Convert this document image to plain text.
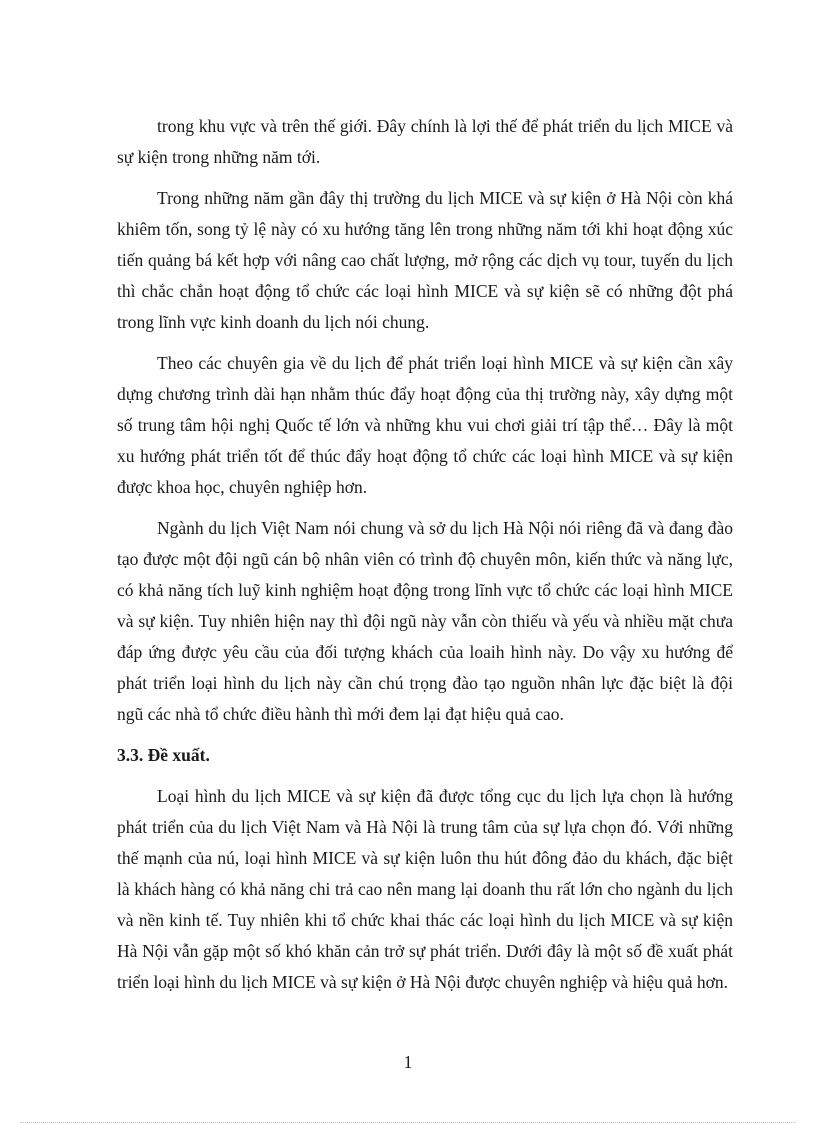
trong khu vực và trên thế giới. Đây chính là lợi thế để phát triển du lịch MICE và sự kiện trong những năm tới.

Trong những năm gần đây thị trường du lịch MICE và sự kiện ở Hà Nội còn khá khiêm tốn, song tỷ lệ này có xu hướng tăng lên trong những năm tới khi hoạt động xúc tiến quảng bá kết hợp với nâng cao chất lượng, mở rộng các dịch vụ tour, tuyến du lịch thì chắc chắn hoạt động tổ chức các loại hình MICE và sự kiện sẽ có những đột phá trong lĩnh vực kinh doanh du lịch nói chung.

Theo các chuyên gia về du lịch để phát triển loại hình MICE và sự kiện cần xây dựng chương trình dài hạn nhằm thúc đẩy hoạt động của thị trường này, xây dựng một số trung tâm hội nghị Quốc tế lớn và những khu vui chơi giải trí tập thể… Đây là một xu hướng phát triển tốt để thúc đẩy hoạt động tổ chức các loại hình MICE và sự kiện được khoa học, chuyên nghiệp hơn.

Ngành du lịch Việt Nam nói chung và sở du lịch Hà Nội nói riêng đã và đang đào tạo được một đội ngũ cán bộ nhân viên có trình độ chuyên môn, kiến thức và năng lực, có khả năng tích luỹ kinh nghiệm hoạt động trong lĩnh vực tổ chức các loại hình MICE và sự kiện. Tuy nhiên hiện nay thì đội ngũ này vẫn còn thiếu và yếu và nhiều mặt chưa đáp ứng được yêu cầu của đối tượng khách của loaih hình này. Do vậy xu hướng để phát triển loại hình du lịch này cần chú trọng đào tạo nguồn nhân lực đặc biệt là đội ngũ các nhà tổ chức điều hành thì mới đem lại đạt hiệu quả cao.

3.3. Đề xuất.

Loại hình du lịch MICE và sự kiện đã được tổng cục du lịch lựa chọn là hướng phát triển của du lịch Việt Nam và Hà Nội là trung tâm của sự lựa chọn đó. Với những thế mạnh của nú, loại hình MICE và sự kiện luôn thu hút đông đảo du khách, đặc biệt là khách hàng có khả năng chi trả cao nên mang lại doanh thu rất lớn cho ngành du lịch và nền kinh tế. Tuy nhiên khi tổ chức khai thác các loại hình du lịch MICE và sự kiện Hà Nội vẫn gặp một số khó khăn cản trở sự phát triển. Dưới đây là một số đề xuất phát triển loại hình du lịch MICE và sự kiện ở Hà Nội được chuyên nghiệp và hiệu quả hơn.

1
